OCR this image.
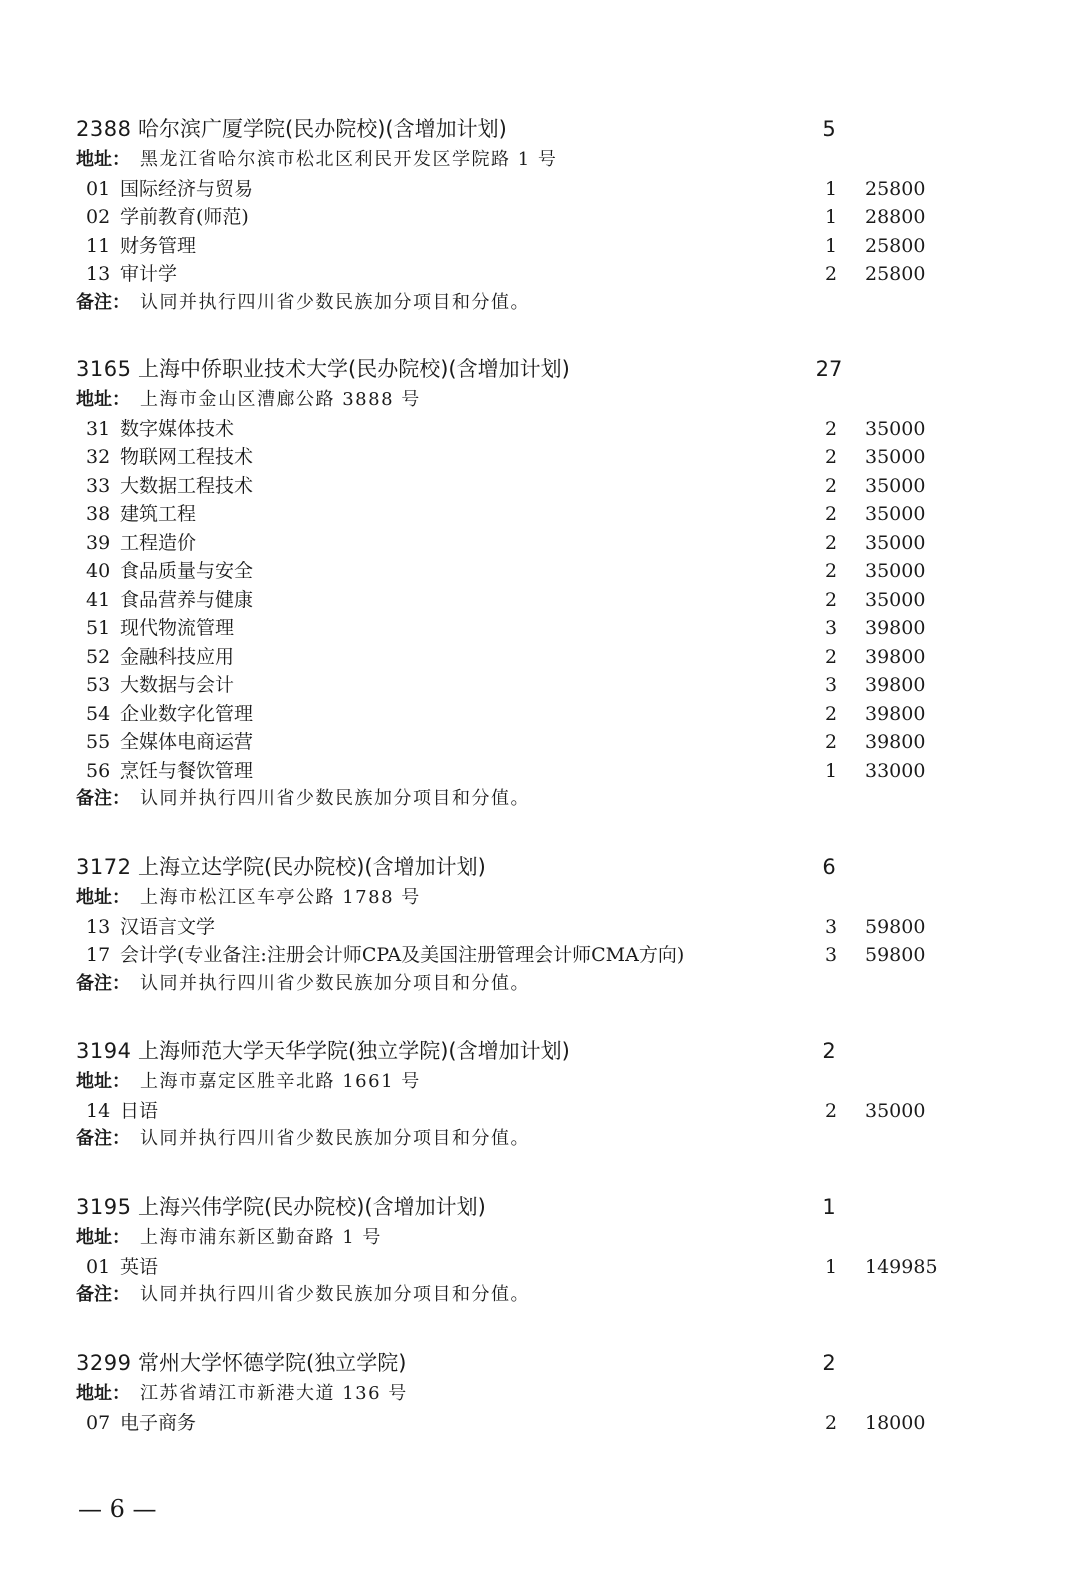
2388 哈尔滨广厦学院(民办院校)(含增加计划)	5
地址： 黑龙江省哈尔滨市松北区利民开发区学院路 1 号
01 国际经济与贸易	1	25800
02 学前教育(师范)	1	28800
11 财务管理	1	25800
13 审计学	2	25800
备注： 认同并执行四川省少数民族加分项目和分值。
3165 上海中侨职业技术大学(民办院校)(含增加计划)	27
地址： 上海市金山区漕廊公路 3888 号
31 数字媒体技术	2	35000
32 物联网工程技术	2	35000
33 大数据工程技术	2	35000
38 建筑工程	2	35000
39 工程造价	2	35000
40 食品质量与安全	2	35000
41 食品营养与健康	2	35000
51 现代物流管理	3	39800
52 金融科技应用	2	39800
53 大数据与会计	3	39800
54 企业数字化管理	2	39800
55 全媒体电商运营	2	39800
56 烹饪与餐饮管理	1	33000
备注： 认同并执行四川省少数民族加分项目和分值。
3172 上海立达学院(民办院校)(含增加计划)	6
地址： 上海市松江区车亭公路 1788 号
13 汉语言文学	3	59800
17 会计学(专业备注:注册会计师CPA及美国注册管理会计师CMA方向)	3	59800
备注： 认同并执行四川省少数民族加分项目和分值。
3194 上海师范大学天华学院(独立学院)(含增加计划)	2
地址： 上海市嘉定区胜辛北路 1661 号
14 日语	2	35000
备注： 认同并执行四川省少数民族加分项目和分值。
3195 上海兴伟学院(民办院校)(含增加计划)	1
地址： 上海市浦东新区勤奋路 1 号
01 英语	1	149985
备注： 认同并执行四川省少数民族加分项目和分值。
3299 常州大学怀德学院(独立学院)	2
地址： 江苏省靖江市新港大道 136 号
07 电子商务	2	18000
— 6 —
